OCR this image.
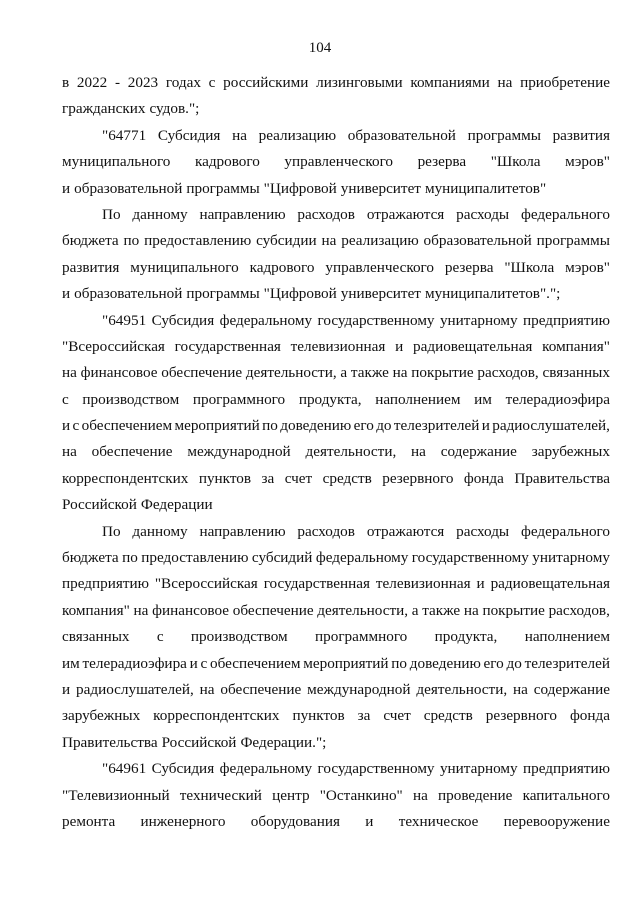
104
в 2022 - 2023 годах с российскими лизинговыми компаниями на приобретение
гражданских судов.";
"64771 Субсидия на реализацию образовательной программы развития
муниципального кадрового управленческого резерва "Школа мэров"
и образовательной программы "Цифровой университет муниципалитетов"
По данному направлению расходов отражаются расходы федерального
бюджета по предоставлению субсидии на реализацию образовательной программы
развития муниципального кадрового управленческого резерва "Школа мэров"
и образовательной программы "Цифровой университет муниципалитетов".";
"64951 Субсидия федеральному государственному унитарному предприятию
"Всероссийская государственная телевизионная и радиовещательная компания"
на финансовое обеспечение деятельности, а также на покрытие расходов, связанных
с производством программного продукта, наполнением им телерадиоэфира
и с обеспечением мероприятий по доведению его до телезрителей и радиослушателей,
на обеспечение международной деятельности, на содержание зарубежных
корреспондентских пунктов за счет средств резервного фонда Правительства
Российской Федерации
По данному направлению расходов отражаются расходы федерального
бюджета по предоставлению субсидий федеральному государственному унитарному
предприятию "Всероссийская государственная телевизионная и радиовещательная
компания" на финансовое обеспечение деятельности, а также на покрытие расходов,
связанных с производством программного продукта, наполнением
им телерадиоэфира и с обеспечением мероприятий по доведению его до телезрителей
и радиослушателей, на обеспечение международной деятельности, на содержание
зарубежных корреспондентских пунктов за счет средств резервного фонда
Правительства Российской Федерации.";
"64961 Субсидия федеральному государственному унитарному предприятию
"Телевизионный технический центр "Останкино" на проведение капитального
ремонта инженерного оборудования и техническое перевооружение
